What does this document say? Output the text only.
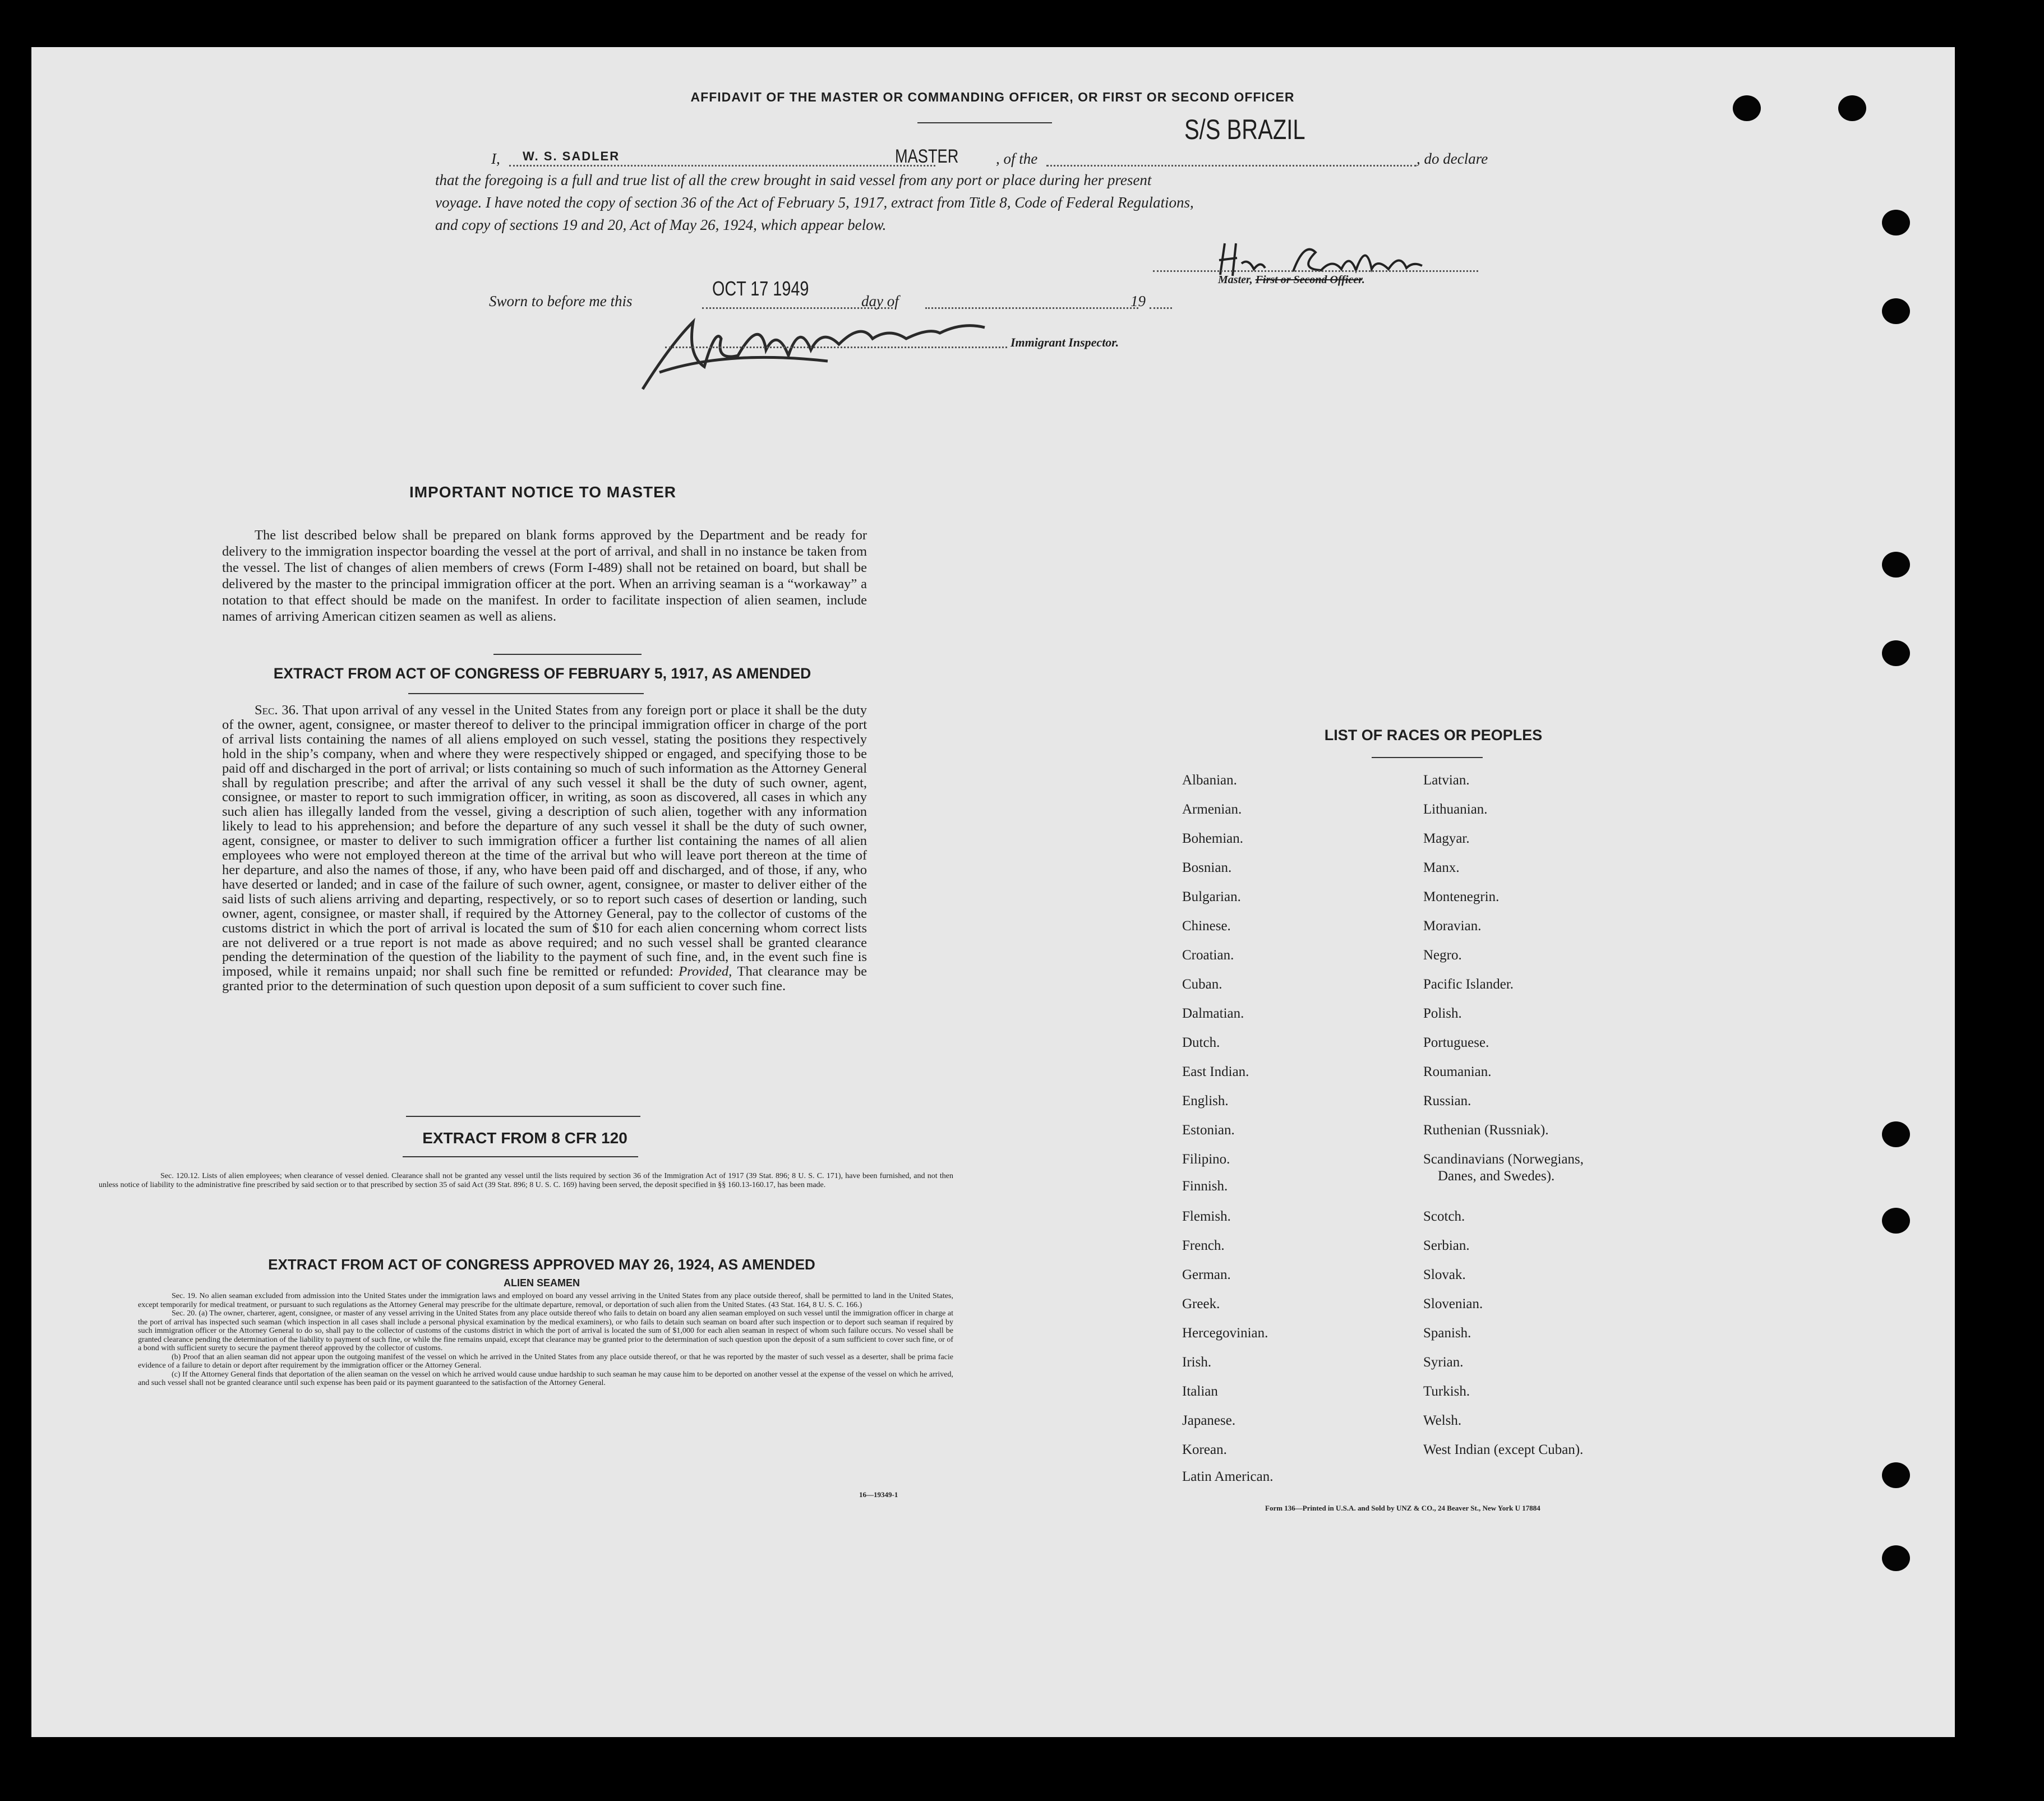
AFFIDAVIT OF THE MASTER OR COMMANDING OFFICER, OR FIRST OR SECOND OFFICER
I, W. S. SADLER	MASTER , of the
S/S BRAZIL
, do declare
that the foregoing is a full and true list of all the crew brought in said vessel from any port or place during her present
voyage. I have noted the copy of section 36 of the Act of February 5, 1917, extract from Title 8, Code of Federal Regulations,
and copy of sections 19 and 20, Act of May 26, 1924, which appear below.
Master, First or Second Officer.
Sworn to before me this
OCT 17 1949
day of	19
Immigrant Inspector.
IMPORTANT NOTICE TO MASTER
The list described below shall be prepared on blank forms approved by the Department and be ready for delivery to the immigration inspector boarding the vessel at the port of arrival, and shall in no instance be taken from the vessel. The list of changes of alien members of crews (Form I-489) shall not be retained on board, but shall be delivered by the master to the principal immigration officer at the port. When an arriving seaman is a “workaway” a notation to that effect should be made on the manifest. In order to facilitate inspection of alien seamen, include names of arriving American citizen seamen as well as aliens.
EXTRACT FROM ACT OF CONGRESS OF FEBRUARY 5, 1917, AS AMENDED
Sec. 36. That upon arrival of any vessel in the United States from any foreign port or place it shall be the duty of the owner, agent, consignee, or master thereof to deliver to the principal immigration officer in charge of the port of arrival lists containing the names of all aliens employed on such vessel, stating the positions they respectively hold in the ship’s company, when and where they were respectively shipped or engaged, and specifying those to be paid off and discharged in the port of arrival; or lists containing so much of such information as the Attorney General shall by regulation prescribe; and after the arrival of any such vessel it shall be the duty of such owner, agent, consignee, or master to report to such immigration officer, in writing, as soon as discovered, all cases in which any such alien has illegally landed from the vessel, giving a description of such alien, together with any information likely to lead to his apprehension; and before the departure of any such vessel it shall be the duty of such owner, agent, consignee, or master to deliver to such immigration officer a further list containing the names of all alien employees who were not employed thereon at the time of the arrival but who will leave port thereon at the time of her departure, and also the names of those, if any, who have been paid off and discharged, and of those, if any, who have deserted or landed; and in case of the failure of such owner, agent, consignee, or master to deliver either of the said lists of such aliens arriving and departing, respectively, or so to report such cases of desertion or landing, such owner, agent, consignee, or master shall, if required by the Attorney General, pay to the collector of customs of the customs district in which the port of arrival is located the sum of $10 for each alien concerning whom correct lists are not delivered or a true report is not made as above required; and no such vessel shall be granted clearance pending the determination of the question of the liability to the payment of such fine, and, in the event such fine is imposed, while it remains unpaid; nor shall such fine be remitted or refunded: Provided, That clearance may be granted prior to the determination of such question upon deposit of a sum sufficient to cover such fine.
EXTRACT FROM 8 CFR 120
Sec. 120.12. Lists of alien employees; when clearance of vessel denied. Clearance shall not be granted any vessel until the lists required by section 36 of the Immigration Act of 1917 (39 Stat. 896; 8 U. S. C. 171), have been furnished, and not then unless notice of liability to the administrative fine prescribed by said section or to that prescribed by section 35 of said Act (39 Stat. 896; 8 U. S. C. 169) having been served, the deposit specified in §§ 160.13-160.17, has been made.
EXTRACT FROM ACT OF CONGRESS APPROVED MAY 26, 1924, AS AMENDED
ALIEN SEAMEN
Sec. 19. No alien seaman excluded from admission into the United States under the immigration laws and employed on board any vessel arriving in the United States from any place outside thereof, shall be permitted to land in the United States, except temporarily for medical treatment, or pursuant to such regulations as the Attorney General may prescribe for the ultimate departure, removal, or deportation of such alien from the United States. (43 Stat. 164, 8 U. S. C. 166.)
Sec. 20. (a) The owner, charterer, agent, consignee, or master of any vessel arriving in the United States from any place outside thereof who fails to detain on board any alien seaman employed on such vessel until the immigration officer in charge at the port of arrival has inspected such seaman (which inspection in all cases shall include a personal physical examination by the medical examiners), or who fails to detain such seaman on board after such inspection or to deport such seaman if required by such immigration officer or the Attorney General to do so, shall pay to the collector of customs of the customs district in which the port of arrival is located the sum of $1,000 for each alien seaman in respect of whom such failure occurs. No vessel shall be granted clearance pending the determination of the liability to payment of such fine, or while the fine remains unpaid, except that clearance may be granted prior to the determination of such question upon the deposit of a sum sufficient to cover such fine, or of a bond with sufficient surety to secure the payment thereof approved by the collector of customs.
(b) Proof that an alien seaman did not appear upon the outgoing manifest of the vessel on which he arrived in the United States from any place outside thereof, or that he was reported by the master of such vessel as a deserter, shall be prima facie evidence of a failure to detain or deport after requirement by the immigration officer or the Attorney General.
(c) If the Attorney General finds that deportation of the alien seaman on the vessel on which he arrived would cause undue hardship to such seaman he may cause him to be deported on another vessel at the expense of the vessel on which he arrived, and such vessel shall not be granted clearance until such expense has been paid or its payment guaranteed to the satisfaction of the Attorney General.
16—19349-1
LIST OF RACES OR PEOPLES
Albanian.
Armenian.
Bohemian.
Bosnian.
Bulgarian.
Chinese.
Croatian.
Cuban.
Dalmatian.
Dutch.
East Indian.
English.
Estonian.
Filipino.
Finnish.
Flemish.
French.
German.
Greek.
Hercegovinian.
Irish.
Italian
Japanese.
Korean.
Latin American.
Latvian.
Lithuanian.
Magyar.
Manx.
Montenegrin.
Moravian.
Negro.
Pacific Islander.
Polish.
Portuguese.
Roumanian.
Russian.
Ruthenian (Russniak).
Scandinavians (Norwegians,
Danes, and Swedes).
Scotch.
Serbian.
Slovak.
Slovenian.
Spanish.
Syrian.
Turkish.
Welsh.
West Indian (except Cuban).
Form 136—Printed in U.S.A. and Sold by UNZ & CO., 24 Beaver St., New York U 17884
